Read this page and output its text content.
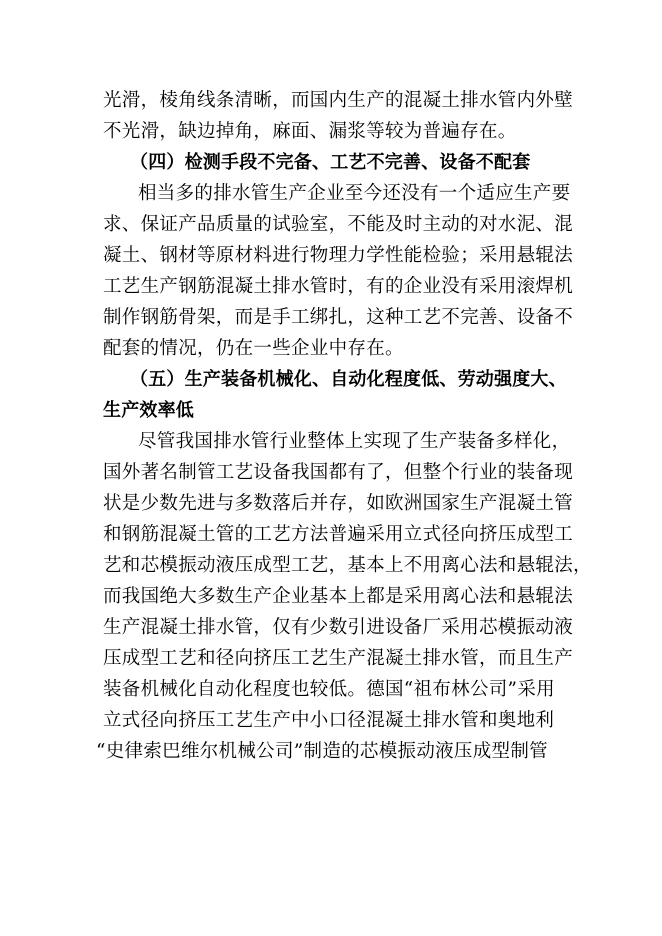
光滑，棱角线条清晰，而国内生产的混凝土排水管内外壁
不光滑，缺边掉角，麻面、漏浆等较为普遍存在。
（四）检测手段不完备、工艺不完善、设备不配套
相当多的排水管生产企业至今还没有一个适应生产要
求、保证产品质量的试验室，不能及时主动的对水泥、混
凝土、钢材等原材料进行物理力学性能检验；采用悬辊法
工艺生产钢筋混凝土排水管时，有的企业没有采用滚焊机
制作钢筋骨架，而是手工绑扎，这种工艺不完善、设备不
配套的情况，仍在一些企业中存在。
（五）生产装备机械化、自动化程度低、劳动强度大、
生产效率低
尽管我国排水管行业整体上实现了生产装备多样化，
国外著名制管工艺设备我国都有了，但整个行业的装备现
状是少数先进与多数落后并存，如欧洲国家生产混凝土管
和钢筋混凝土管的工艺方法普遍采用立式径向挤压成型工
艺和芯模振动液压成型工艺，基本上不用离心法和悬辊法，
而我国绝大多数生产企业基本上都是采用离心法和悬辊法
生产混凝土排水管，仅有少数引进设备厂采用芯模振动液
压成型工艺和径向挤压工艺生产混凝土排水管，而且生产
装备机械化自动化程度也较低。德国“祖布林公司”采用
立式径向挤压工艺生产中小口径混凝土排水管和奥地利
“史律索巴维尔机械公司”制造的芯模振动液压成型制管
